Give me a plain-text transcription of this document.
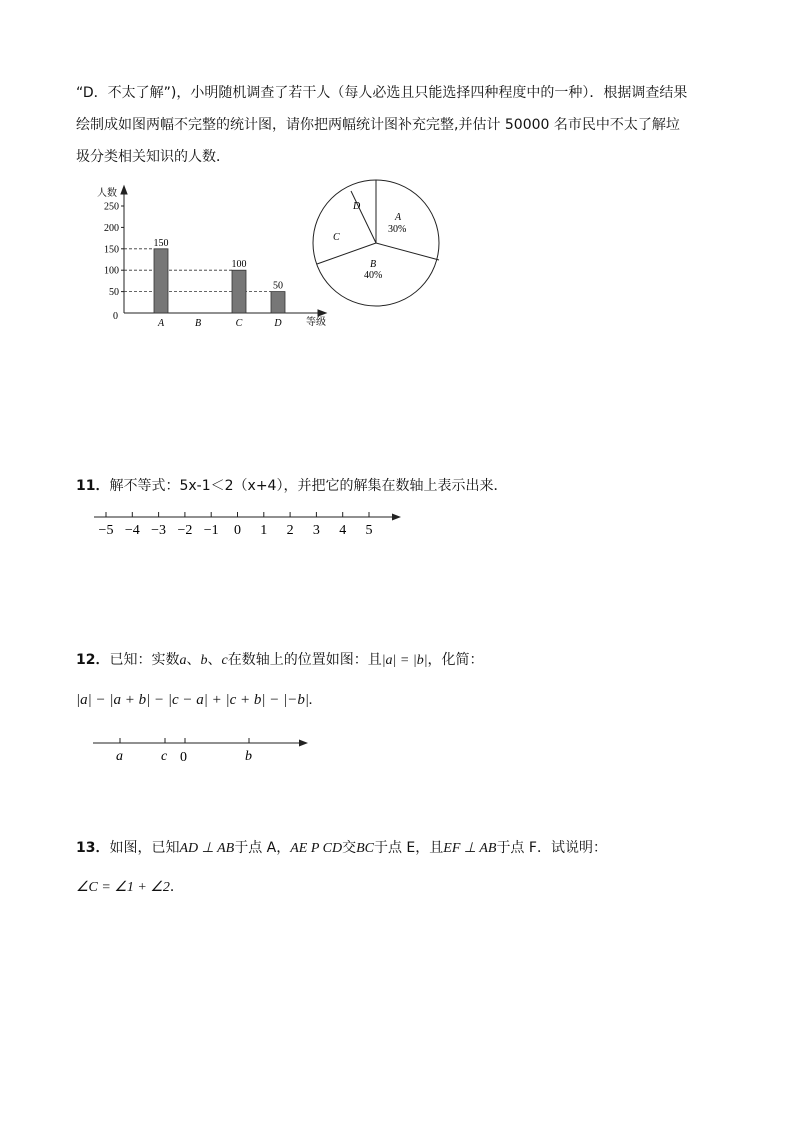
“D．不太了解”)，小明随机调查了若干人（每人必选且只能选择四种程度中的一种）．根据调查结果
绘制成如图两幅不完整的统计图，请你把两幅统计图补充完整,并估计 50000 名市民中不太了解垃
圾分类相关知识的人数．
0
50
100
150
200
250
150
100
50
A	B	C	D
人数
等级
A
30%
B
40%
C
D
11．解不等式：5x-1＜2（x+4），并把它的解集在数轴上表示出来．
−5 −4 −3 −2 −1 0 1 2 3 4 5
12．已知：实数a、b、c在数轴上的位置如图：且|a| = |b|，化简：
|a| − |a + b| − |c − a| + |c + b| − |−b|.
a	c 0	b
13．如图，已知AD ⊥ AB于点 A，AE P CD交BC于点 E，且EF ⊥ AB于点 F．试说明：
∠C = ∠1 + ∠2．
